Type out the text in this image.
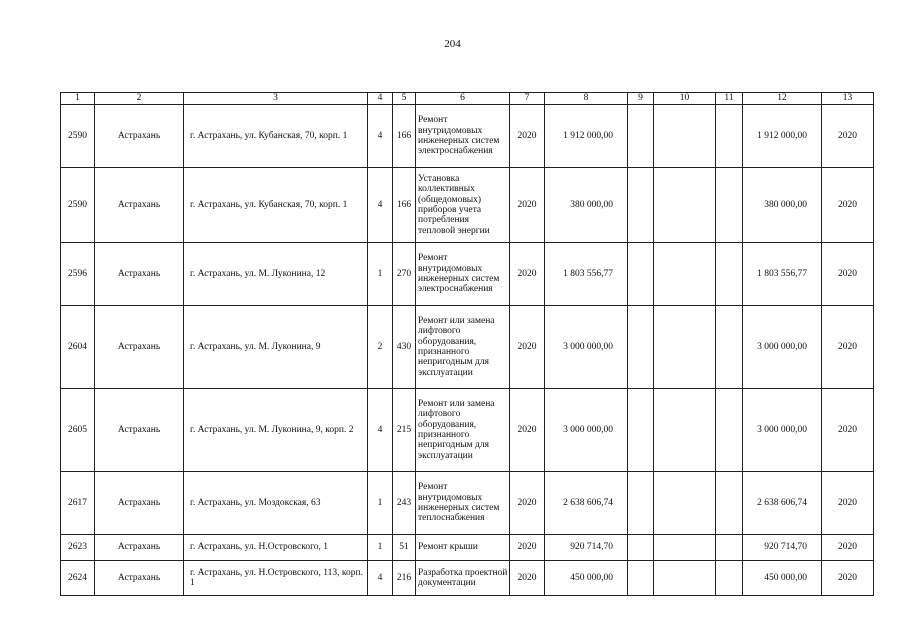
204
1	2	3	4	5	6	7	8	9	10	11	12	13
2590	Астрахань	г. Астрахань, ул. Кубанская, 70, корп. 1	4	166	Ремонт внутридомовых инженерных систем электроснабжения	2020	1 912 000,00				1 912 000,00	2020
2590	Астрахань	г. Астрахань, ул. Кубанская, 70, корп. 1	4	166	Установка коллективных (общедомовых) приборов учета потребления тепловой энергии	2020	380 000,00				380 000,00	2020
2596	Астрахань	г. Астрахань, ул. М. Луконина, 12	1	270	Ремонт внутридомовых инженерных систем электроснабжения	2020	1 803 556,77				1 803 556,77	2020
2604	Астрахань	г. Астрахань, ул. М. Луконина, 9	2	430	Ремонт или замена лифтового оборудования, признанного непригодным для эксплуатации	2020	3 000 000,00				3 000 000,00	2020
2605	Астрахань	г. Астрахань, ул. М. Луконина, 9, корп. 2	4	215	Ремонт или замена лифтового оборудования, признанного непригодным для эксплуатации	2020	3 000 000,00				3 000 000,00	2020
2617	Астрахань	г. Астрахань, ул. Моздокская, 63	1	243	Ремонт внутридомовых инженерных систем теплоснабжения	2020	2 638 606,74				2 638 606,74	2020
2623	Астрахань	г. Астрахань, ул. Н.Островского, 1	1	51	Ремонт крыши	2020	920 714,70				920 714,70	2020
2624	Астрахань	г. Астрахань, ул. Н.Островского, 113, корп. 1	4	216	Разработка проектной документации	2020	450 000,00				450 000,00	2020
